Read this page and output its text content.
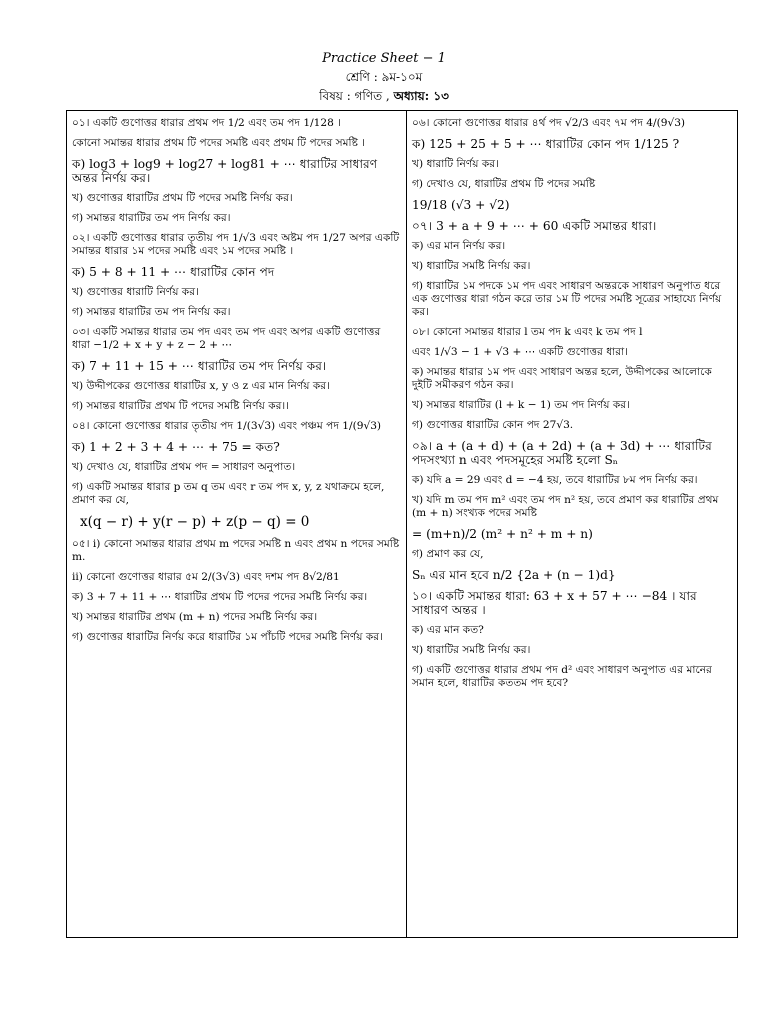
Practice Sheet − 1
শ্রেণি : ৯ম-১০ম
বিষয় : গণিত , অধ্যায়: ১৩
০১। একটি গুণোত্তর ধারার প্রথম পদ 1/2 এবং তম পদ 1/128 ।
কোনো সমান্তর ধারার প্রথম টি পদের সমষ্টি এবং প্রথম টি পদের সমষ্টি ।
ক) log3 + log9 + log27 + log81 + ⋯ ধারাটির সাধারণ অন্তর নির্ণয় কর।
খ) গুণোত্তর ধারাটির প্রথম টি পদের সমষ্টি নির্ণয় কর।
গ) সমান্তর ধারাটির তম পদ নির্ণয় কর।
০২। একটি গুণোত্তর ধারার তৃতীয় পদ 1/√3 এবং অষ্টম পদ 1/27 অপর একটি সমান্তর ধারার ১ম পদের সমষ্টি এবং ১ম পদের সমষ্টি ।
ক) 5 + 8 + 11 + ⋯ ধারাটির কোন পদ
খ) গুণোত্তর ধারাটি নির্ণয় কর।
গ) সমান্তর ধারাটির তম পদ নির্ণয় কর।
০৩। একটি সমান্তর ধারার তম পদ এবং তম পদ এবং অপর একটি গুণোত্তর ধারা −1/2 + x + y + z − 2 + ⋯
ক) 7 + 11 + 15 + ⋯ ধারাটির তম পদ নির্ণয় কর।
খ) উদ্দীপকের গুণোত্তর ধারাটির x, y ও z এর মান নির্ণয় কর।
গ) সমান্তর ধারাটির প্রথম টি পদের সমষ্টি নির্ণয় কর।।
০৪। কোনো গুণোত্তর ধারার তৃতীয় পদ 1/(3√3) এবং পঞ্চম পদ 1/(9√3)
ক) 1 + 2 + 3 + 4 + ⋯ + 75 = কত?
খ) দেখাও যে, ধারাটির প্রথম পদ = সাধারণ অনুপাত।
গ) একটি সমান্তর ধারার p তম q তম এবং r তম পদ x, y, z যথাক্রমে হলে, প্রমাণ কর যে,
x(q − r) + y(r − p) + z(p − q) = 0
০৫। i) কোনো সমান্তর ধারার প্রথম m পদের সমষ্টি n এবং প্রথম n পদের সমষ্টি m.
ii) কোনো গুণোত্তর ধারার ৫ম 2/(3√3) এবং দশম পদ 8√2/81
ক) 3 + 7 + 11 + ⋯ ধারাটির প্রথম টি পদের পদের সমষ্টি নির্ণয় কর।
খ) সমান্তর ধারাটির প্রথম (m + n) পদের সমষ্টি নির্ণয় কর।
গ) গুণোত্তর ধারাটির নির্ণয় করে ধারাটির ১ম পাঁচটি পদের সমষ্টি নির্ণয় কর।
০৬। কোনো গুণোত্তর ধারার ৪র্থ পদ √2/3 এবং ৭ম পদ 4/(9√3)
ক) 125 + 25 + 5 + ⋯ ধারাটির কোন পদ 1/125 ?
খ) ধারাটি নির্ণয় কর।
গ) দেখাও যে, ধারাটির প্রথম টি পদের সমষ্টি
19/18 (√3 + √2)
০৭। 3 + a + 9 + ⋯ + 60 একটি সমান্তর ধারা।
ক) এর মান নির্ণয় কর।
খ) ধারাটির সমষ্টি নির্ণয় কর।
গ) ধারাটির ১ম পদকে ১ম পদ এবং সাধারণ অন্তরকে সাধারণ অনুপাত ধরে এক গুণোত্তর ধারা গঠন করে তার ১ম টি পদের সমষ্টি সূত্রের সাহায্যে নির্ণয় কর।
০৮। কোনো সমান্তর ধারার l তম পদ k এবং k তম পদ l
এবং 1/√3 − 1 + √3 + ⋯ একটি গুণোত্তর ধারা।
ক) সমান্তর ধারার ১ম পদ এবং সাধারণ অন্তর হলে, উদ্দীপকের আলোকে দুইটি সমীকরণ গঠন কর।
খ) সমান্তর ধারাটির (l + k − 1) তম পদ নির্ণয় কর।
গ) গুণোত্তর ধারাটির কোন পদ 27√3.
০৯। a + (a + d) + (a + 2d) + (a + 3d) + ⋯ ধারাটির পদসংখ্যা n এবং পদসমূহের সমষ্টি হলো Sₙ
ক) যদি a = 29 এবং d = −4 হয়, তবে ধারাটির ৮ম পদ নির্ণয় কর।
খ) যদি m তম পদ m² এবং তম পদ n² হয়, তবে প্রমাণ কর ধারাটির প্রথম (m + n) সংখ্যক পদের সমষ্টি
= (m+n)/2 (m² + n² + m + n)
গ) প্রমাণ কর যে,
Sₙ এর মান হবে n/2 {2a + (n − 1)d}
১০। একটি সমান্তর ধারা: 63 + x + 57 + ⋯ −84 । যার সাধারণ অন্তর ।
ক) এর মান কত?
খ) ধারাটির সমষ্টি নির্ণয় কর।
গ) একটি গুণোত্তর ধারার প্রথম পদ d² এবং সাধারণ অনুপাত এর মানের সমান হলে, ধারাটির কততম পদ হবে?
